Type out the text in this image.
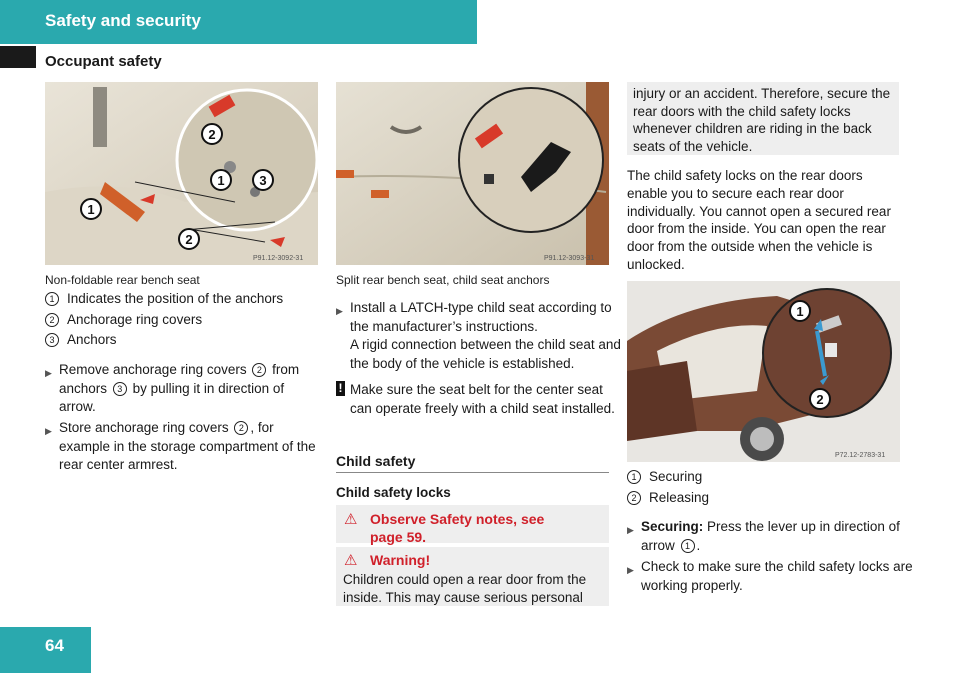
Safety and security
Occupant safety
1
2
2
1	3
P91.12-3092-31
Non-foldable rear bench seat
1 Indicates the position of the anchors
2 Anchorage ring covers
3 Anchors
▶ Remove anchorage ring covers 2 from anchors 3 by pulling it in direction of arrow.
▶ Store anchorage ring covers 2 , for example in the storage compartment of the rear center armrest.
P91.12-3093-31
Split rear bench seat, child seat anchors
▶ Install a LATCH-type child seat according to the manufacturer’s instructions.
A rigid connection between the child seat and the body of the vehicle is established.
! Make sure the seat belt for the center seat can operate freely with a child seat installed.
Child safety
Child safety locks
⚠ Observe Safety notes, see page 59.
⚠ Warning!
Children could open a rear door from the inside. This may cause serious personal
injury or an accident. Therefore, secure the rear doors with the child safety locks whenever children are riding in the back seats of the vehicle.
The child safety locks on the rear doors enable you to secure each rear door individually. You cannot open a secured rear door from the inside. You can open the rear door from the outside when the vehicle is unlocked.
1
2
P72.12-2783-31
1 Securing
2 Releasing
▶ Securing: Press the lever up in direction of arrow 1 .
▶ Check to make sure the child safety locks are working properly.
64
